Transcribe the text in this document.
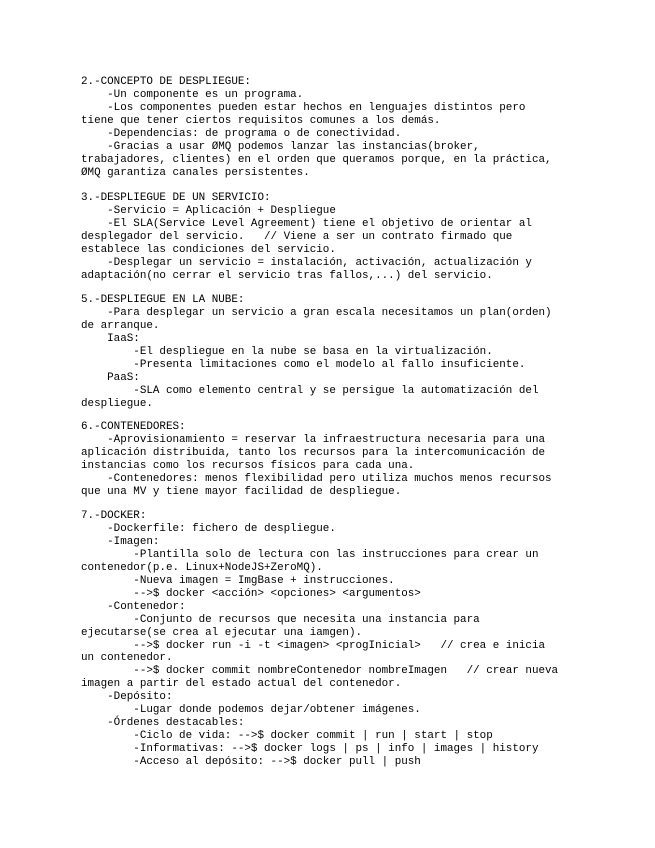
2.-CONCEPTO DE DESPLIEGUE:
-Un componente es un programa.
-Los componentes pueden estar hechos en lenguajes distintos pero
tiene que tener ciertos requisitos comunes a los demás.
-Dependencias: de programa o de conectividad.
-Gracias a usar ØMQ podemos lanzar las instancias(broker,
trabajadores, clientes) en el orden que queramos porque, en la práctica,
ØMQ garantiza canales persistentes.
3.-DESPLIEGUE DE UN SERVICIO:
-Servicio = Aplicación + Despliegue
-El SLA(Service Level Agreement) tiene el objetivo de orientar al
desplegador del servicio.   // Viene a ser un contrato firmado que
establece las condiciones del servicio.
-Desplegar un servicio = instalación, activación, actualización y
adaptación(no cerrar el servicio tras fallos,...) del servicio.
5.-DESPLIEGUE EN LA NUBE:
-Para desplegar un servicio a gran escala necesitamos un plan(orden)
de arranque.
IaaS:
-El despliegue en la nube se basa en la virtualización.
-Presenta limitaciones como el modelo al fallo insuficiente.
PaaS:
-SLA como elemento central y se persigue la automatización del
despliegue.
6.-CONTENEDORES:
-Aprovisionamiento = reservar la infraestructura necesaria para una
aplicación distribuida, tanto los recursos para la intercomunicación de
instancias como los recursos físicos para cada una.
-Contenedores: menos flexibilidad pero utiliza muchos menos recursos
que una MV y tiene mayor facilidad de despliegue.
7.-DOCKER:
-Dockerfile: fichero de despliegue.
-Imagen:
-Plantilla solo de lectura con las instrucciones para crear un
contenedor(p.e. Linux+NodeJS+ZeroMQ).
-Nueva imagen = ImgBase + instrucciones.
-->$ docker <acción> <opciones> <argumentos>
-Contenedor:
-Conjunto de recursos que necesita una instancia para
ejecutarse(se crea al ejecutar una iamgen).
-->$ docker run -i -t <imagen> <progInicial>   // crea e inicia
un contenedor.
-->$ docker commit nombreContenedor nombreImagen   // crear nueva
imagen a partir del estado actual del contenedor.
-Depósito:
-Lugar donde podemos dejar/obtener imágenes.
-Órdenes destacables:
-Ciclo de vida: -->$ docker commit | run | start | stop
-Informativas: -->$ docker logs | ps | info | images | history
-Acceso al depósito: -->$ docker pull | push
